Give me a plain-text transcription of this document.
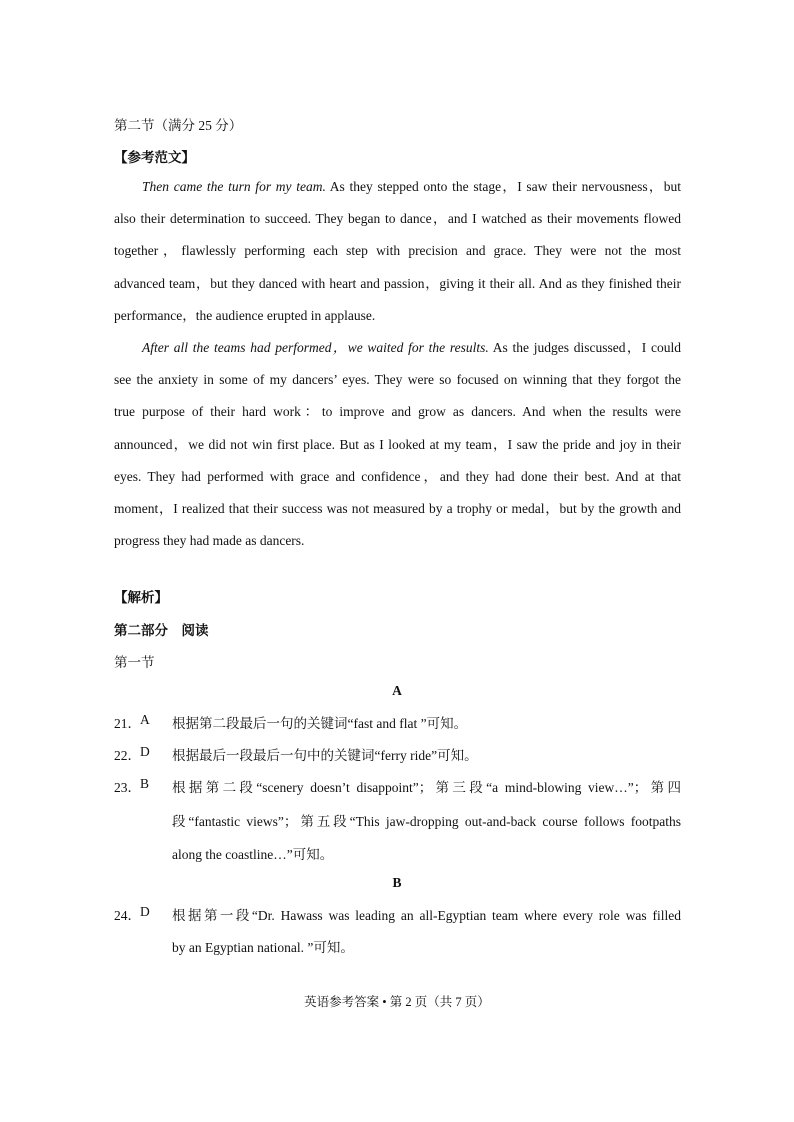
第二节（满分 25 分）
【参考范文】
Then came the turn for my team. As they stepped onto the stage，I saw their nervousness，but
also their determination to succeed. They began to dance，and I watched as their movements flowed
together，flawlessly performing each step with precision and grace. They were not the most
advanced team，but they danced with heart and passion，giving it their all. And as they finished their
performance，the audience erupted in applause.
After all the teams had performed，we waited for the results. As the judges discussed，I could
see the anxiety in some of my dancers’ eyes. They were so focused on winning that they forgot the
true purpose of their hard work：to improve and grow as dancers. And when the results were
announced，we did not win first place. But as I looked at my team，I saw the pride and joy in their
eyes. They had performed with grace and confidence，and they had done their best. And at that
moment，I realized that their success was not measured by a trophy or medal，but by the growth and
progress they had made as dancers.
【解析】
第二部分　阅读
第一节
A
21． A 根据第二段最后一句的关键词“fast and flat ”可知。
22． D 根据最后一段最后一句中的关键词“ferry ride”可知。
23． B 根据第二段“scenery doesn’t disappoint”；第三段“a mind-blowing view…”；第四
段“fantastic views”；第五段“This jaw-dropping out-and-back course follows footpaths
along the coastline…”可知。
B
24． D 根据第一段“Dr. Hawass was leading an all-Egyptian team where every role was filled
by an Egyptian national. ”可知。
英语参考答案 • 第 2 页（共 7 页）
